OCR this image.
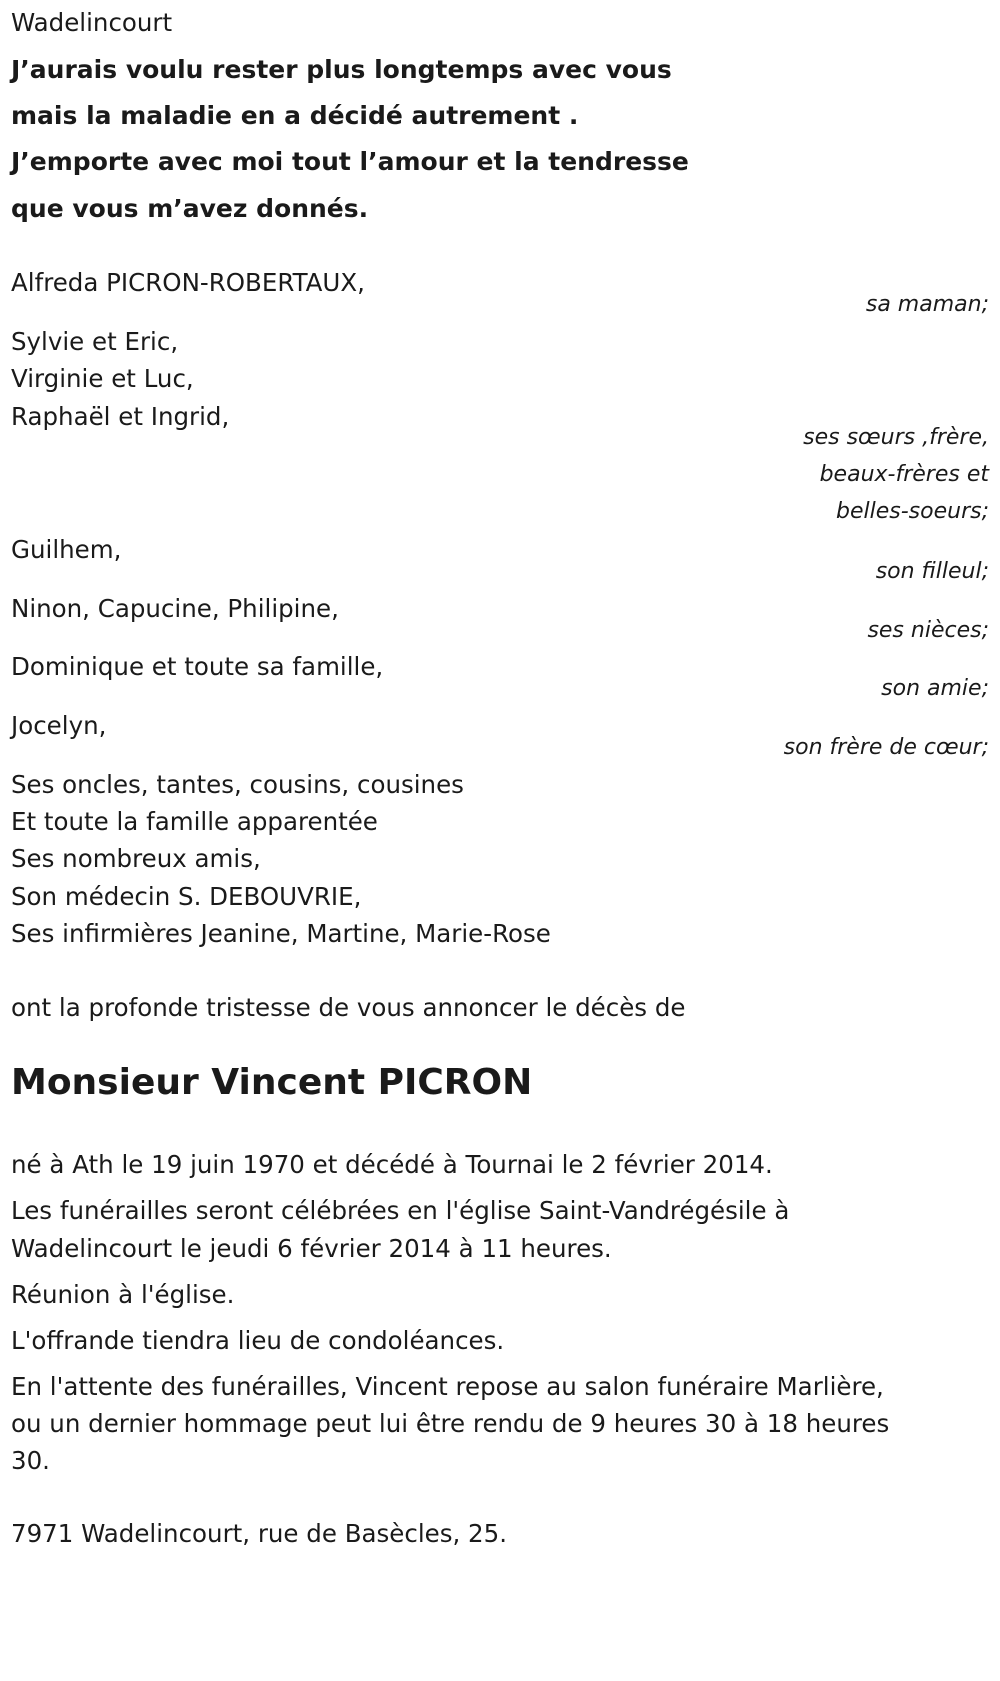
Wadelincourt
J’aurais voulu rester plus longtemps avec vous
mais la maladie en a décidé autrement .
J’emporte avec moi tout l’amour et la tendresse
que vous m’avez donnés.
Alfreda PICRON-ROBERTAUX,
sa maman;
Sylvie et Eric,
Virginie et Luc,
Raphaël et Ingrid,
ses sœurs ,frère,
beaux-frères et
belles-soeurs;
Guilhem,
son filleul;
Ninon, Capucine, Philipine,
ses nièces;
Dominique et toute sa famille,
son amie;
Jocelyn,
son frère de cœur;
Ses oncles, tantes, cousins, cousines
Et toute la famille apparentée
Ses nombreux amis,
Son médecin S. DEBOUVRIE,
Ses infirmières Jeanine, Martine, Marie-Rose
ont la profonde tristesse de vous annoncer le décès de
Monsieur Vincent PICRON
né à Ath le 19 juin 1970 et décédé à Tournai le 2 février 2014.
Les funérailles seront célébrées en l'église Saint-Vandrégésile à
Wadelincourt le jeudi 6 février 2014 à 11 heures.
Réunion à l'église.
L'offrande tiendra lieu de condoléances.
En l'attente des funérailles, Vincent repose au salon funéraire Marlière,
ou un dernier hommage peut lui être rendu de 9 heures 30 à 18 heures
30.
7971 Wadelincourt, rue de Basècles, 25.
